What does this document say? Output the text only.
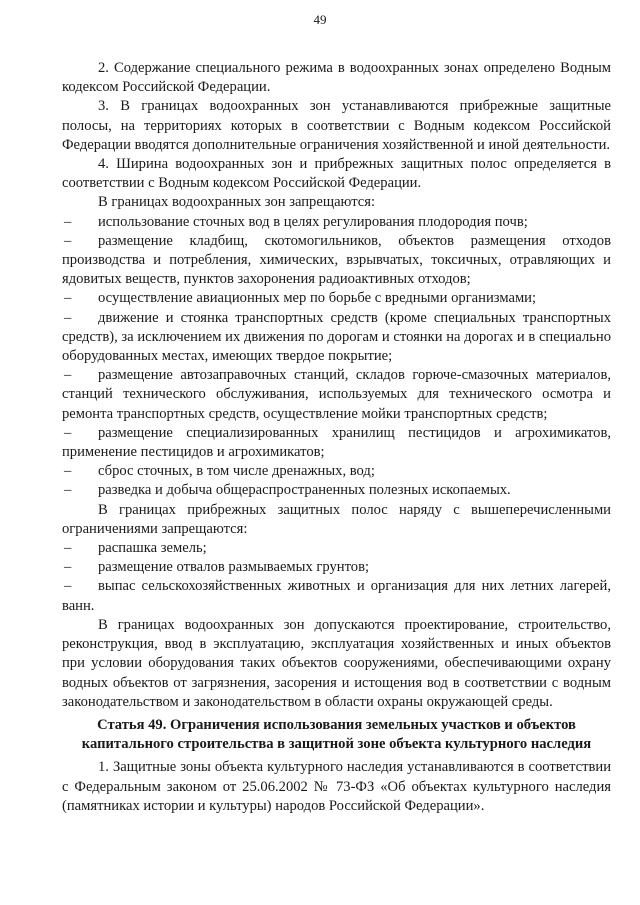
49

2. Содержание специального режима в водоохранных зонах определено Водным кодексом Российской Федерации.

3. В границах водоохранных зон устанавливаются прибрежные защитные полосы, на территориях которых в соответствии с Водным кодексом Российской Федерации вводятся дополнительные ограничения хозяйственной и иной деятельности.

4. Ширина водоохранных зон и прибрежных защитных полос определяется в соответствии с Водным кодексом Российской Федерации.

В границах водоохранных зон запрещаются:

–использование сточных вод в целях регулирования плодородия почв;

–размещение кладбищ, скотомогильников, объектов размещения отходов производства и потребления, химических, взрывчатых, токсичных, отравляющих и ядовитых веществ, пунктов захоронения радиоактивных отходов;

–осуществление авиационных мер по борьбе с вредными организмами;

–движение и стоянка транспортных средств (кроме специальных транспортных средств), за исключением их движения по дорогам и стоянки на дорогах и в специально оборудованных местах, имеющих твердое покрытие;

–размещение автозаправочных станций, складов горюче-смазочных материалов, станций технического обслуживания, используемых для технического осмотра и ремонта транспортных средств, осуществление мойки транспортных средств;

–размещение специализированных хранилищ пестицидов и агрохимикатов, применение пестицидов и агрохимикатов;

–сброс сточных, в том числе дренажных, вод;

–разведка и добыча общераспространенных полезных ископаемых.

В границах прибрежных защитных полос наряду с вышеперечисленными ограничениями запрещаются:

–распашка земель;

–размещение отвалов размываемых грунтов;

–выпас сельскохозяйственных животных и организация для них летних лагерей, ванн.

В границах водоохранных зон допускаются проектирование, строительство, реконструкция, ввод в эксплуатацию, эксплуатация хозяйственных и иных объектов при условии оборудования таких объектов сооружениями, обеспечивающими охрану водных объектов от загрязнения, засорения и истощения вод в соответствии с водным законодательством и законодательством в области охраны окружающей среды.

Статья 49. Ограничения использования земельных участков и объектов капитального строительства в защитной зоне объекта культурного наследия

1. Защитные зоны объекта культурного наследия устанавливаются в соответствии с Федеральным законом от 25.06.2002 № 73-ФЗ «Об объектах культурного наследия (памятниках истории и культуры) народов Российской Федерации».
